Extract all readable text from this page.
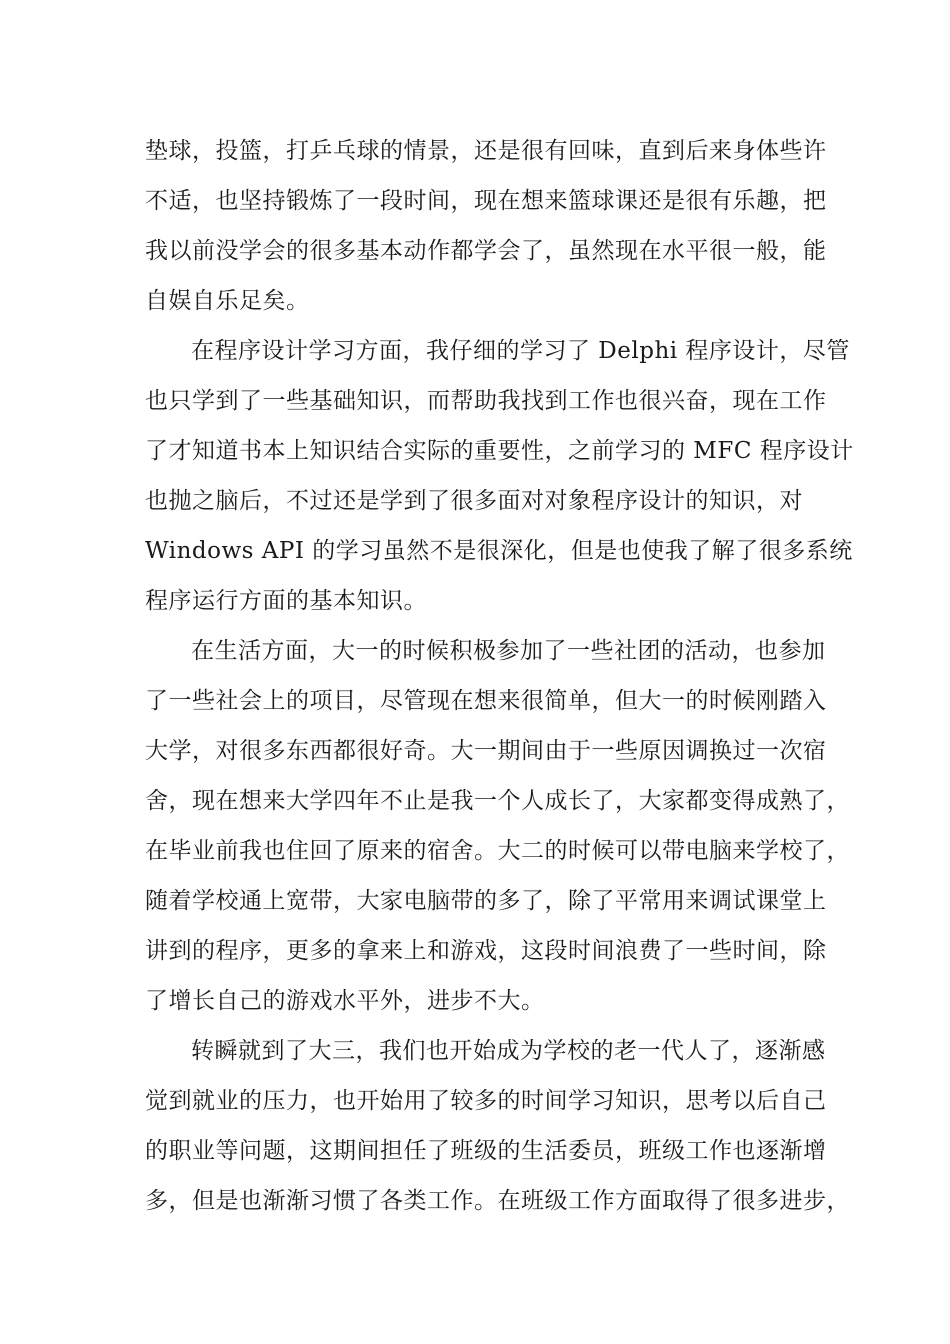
垫球，投篮，打乒乓球的情景，还是很有回味，直到后来身体些许
不适，也坚持锻炼了一段时间，现在想来篮球课还是很有乐趣，把
我以前没学会的很多基本动作都学会了，虽然现在水平很一般，能
自娱自乐足矣。
在程序设计学习方面，我仔细的学习了 Delphi 程序设计，尽管
也只学到了一些基础知识，而帮助我找到工作也很兴奋，现在工作
了才知道书本上知识结合实际的重要性，之前学习的 MFC 程序设计
也抛之脑后，不过还是学到了很多面对对象程序设计的知识，对
Windows API 的学习虽然不是很深化，但是也使我了解了很多系统
程序运行方面的基本知识。
在生活方面，大一的时候积极参加了一些社团的活动，也参加
了一些社会上的项目，尽管现在想来很简单，但大一的时候刚踏入
大学，对很多东西都很好奇。大一期间由于一些原因调换过一次宿
舍，现在想来大学四年不止是我一个人成长了，大家都变得成熟了，
在毕业前我也住回了原来的宿舍。大二的时候可以带电脑来学校了，
随着学校通上宽带，大家电脑带的多了，除了平常用来调试课堂上
讲到的程序，更多的拿来上和游戏，这段时间浪费了一些时间，除
了增长自己的游戏水平外，进步不大。
转瞬就到了大三，我们也开始成为学校的老一代人了，逐渐感
觉到就业的压力，也开始用了较多的时间学习知识，思考以后自己
的职业等问题，这期间担任了班级的生活委员，班级工作也逐渐增
多，但是也渐渐习惯了各类工作。在班级工作方面取得了很多进步，
